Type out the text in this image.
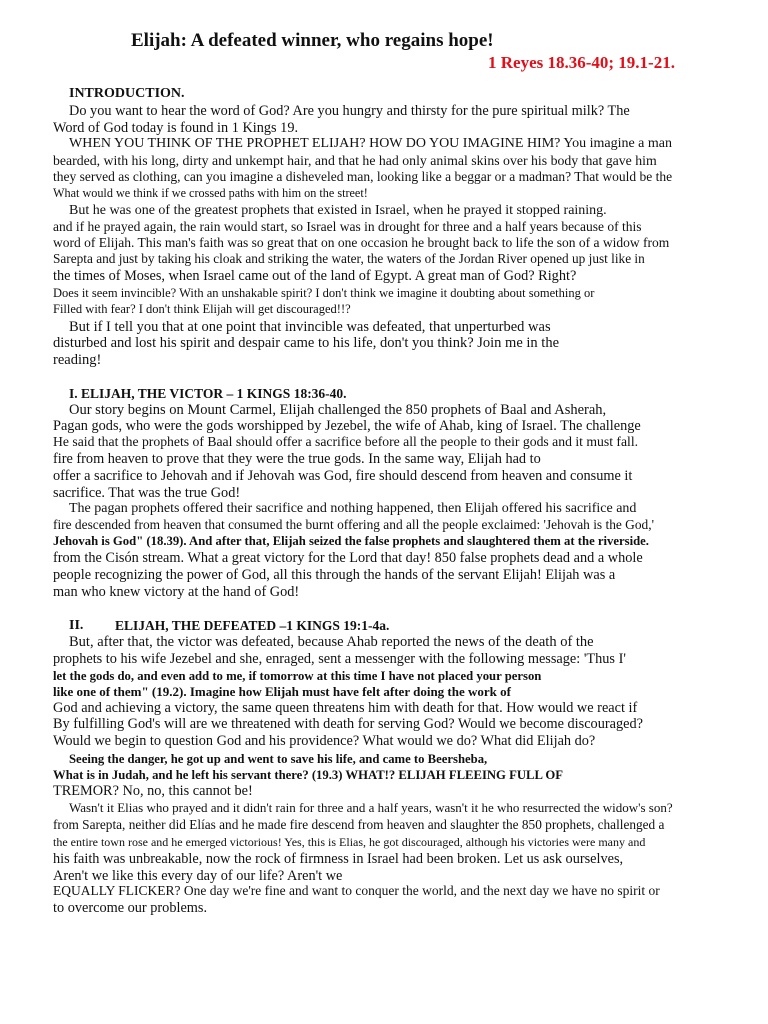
Elijah: A defeated winner, who regains hope!
1 Reyes 18.36-40; 19.1-21.
INTRODUCTION.
Do you want to hear the word of God? Are you hungry and thirsty for the pure spiritual milk? The
Word of God today is found in 1 Kings 19.
WHEN YOU THINK OF THE PROPHET ELIJAH? HOW DO YOU IMAGINE HIM? You imagine a man
bearded, with his long, dirty and unkempt hair, and that he had only animal skins over his body that gave him
they served as clothing, can you imagine a disheveled man, looking like a beggar or a madman? That would be the
What would we think if we crossed paths with him on the street!
But he was one of the greatest prophets that existed in Israel, when he prayed it stopped raining.
and if he prayed again, the rain would start, so Israel was in drought for three and a half years because of this
word of Elijah. This man's faith was so great that on one occasion he brought back to life the son of a widow from
Sarepta and just by taking his cloak and striking the water, the waters of the Jordan River opened up just like in
the times of Moses, when Israel came out of the land of Egypt. A great man of God? Right?
Does it seem invincible? With an unshakable spirit? I don't think we imagine it doubting about something or
Filled with fear? I don't think Elijah will get discouraged!!?
But if I tell you that at one point that invincible was defeated, that unperturbed was
disturbed and lost his spirit and despair came to his life, don't you think? Join me in the
reading!
I. ELIJAH, THE VICTOR – 1 KINGS 18:36-40.
Our story begins on Mount Carmel, Elijah challenged the 850 prophets of Baal and Asherah,
Pagan gods, who were the gods worshipped by Jezebel, the wife of Ahab, king of Israel. The challenge
He said that the prophets of Baal should offer a sacrifice before all the people to their gods and it must fall.
fire from heaven to prove that they were the true gods. In the same way, Elijah had to
offer a sacrifice to Jehovah and if Jehovah was God, fire should descend from heaven and consume it
sacrifice. That was the true God!
The pagan prophets offered their sacrifice and nothing happened, then Elijah offered his sacrifice and
fire descended from heaven that consumed the burnt offering and all the people exclaimed: 'Jehovah is the God,'
Jehovah is God" (18.39). And after that, Elijah seized the false prophets and slaughtered them at the riverside.
from the Cisón stream. What a great victory for the Lord that day! 850 false prophets dead and a whole
people recognizing the power of God, all this through the hands of the servant Elijah! Elijah was a
man who knew victory at the hand of God!
II. ELIJAH, THE DEFEATED –1 KINGS 19:1-4a.
But, after that, the victor was defeated, because Ahab reported the news of the death of the
prophets to his wife Jezebel and she, enraged, sent a messenger with the following message: 'Thus I'
let the gods do, and even add to me, if tomorrow at this time I have not placed your person
like one of them" (19.2). Imagine how Elijah must have felt after doing the work of
God and achieving a victory, the same queen threatens him with death for that. How would we react if
By fulfilling God's will are we threatened with death for serving God? Would we become discouraged?
Would we begin to question God and his providence? What would we do? What did Elijah do?
Seeing the danger, he got up and went to save his life, and came to Beersheba,
What is in Judah, and he left his servant there? (19.3) WHAT!? ELIJAH FLEEING FULL OF
TREMOR? No, no, this cannot be!
Wasn't it Elias who prayed and it didn't rain for three and a half years, wasn't it he who resurrected the widow's son?
from Sarepta, neither did Elías and he made fire descend from heaven and slaughter the 850 prophets, challenged a
the entire town rose and he emerged victorious! Yes, this is Elias, he got discouraged, although his victories were many and
his faith was unbreakable, now the rock of firmness in Israel had been broken. Let us ask ourselves,
Aren't we like this every day of our life? Aren't we
EQUALLY FLICKER? One day we're fine and want to conquer the world, and the next day we have no spirit or
to overcome our problems.
